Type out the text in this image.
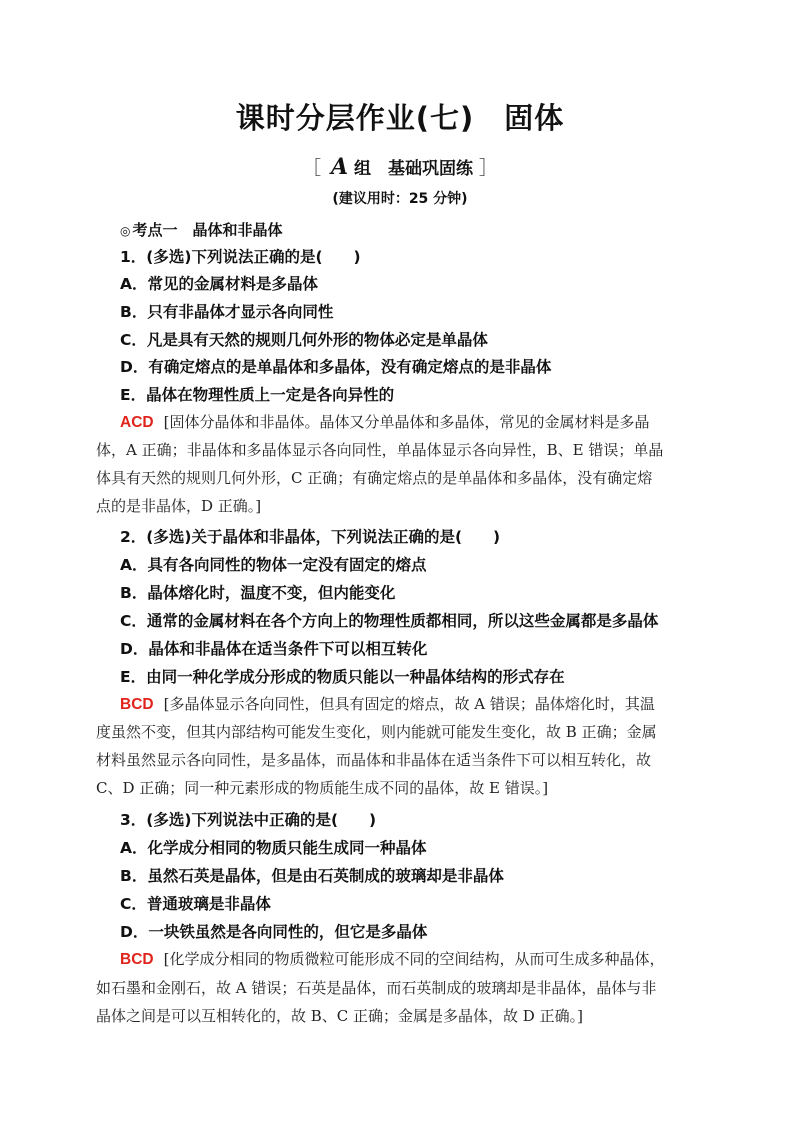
课时分层作业(七)　固体
［ A 组　基础巩固练 ］
(建议用时：25 分钟)
◎ 考点一　晶体和非晶体
1．(多选)下列说法正确的是(　　)
A．常见的金属材料是多晶体
B．只有非晶体才显示各向同性
C．凡是具有天然的规则几何外形的物体必定是单晶体
D．有确定熔点的是单晶体和多晶体，没有确定熔点的是非晶体
E．晶体在物理性质上一定是各向异性的
ACD [固体分晶体和非晶体。晶体又分单晶体和多晶体，常见的金属材料是多晶
体，A 正确；非晶体和多晶体显示各向同性，单晶体显示各向异性，B、E 错误；单晶
体具有天然的规则几何外形，C 正确；有确定熔点的是单晶体和多晶体，没有确定熔
点的是非晶体，D 正确。]
2．(多选)关于晶体和非晶体，下列说法正确的是(　　)
A．具有各向同性的物体一定没有固定的熔点
B．晶体熔化时，温度不变，但内能变化
C．通常的金属材料在各个方向上的物理性质都相同，所以这些金属都是多晶体
D．晶体和非晶体在适当条件下可以相互转化
E．由同一种化学成分形成的物质只能以一种晶体结构的形式存在
BCD [多晶体显示各向同性，但具有固定的熔点，故 A 错误；晶体熔化时，其温
度虽然不变，但其内部结构可能发生变化，则内能就可能发生变化，故 B 正确；金属
材料虽然显示各向同性，是多晶体，而晶体和非晶体在适当条件下可以相互转化，故
C、D 正确；同一种元素形成的物质能生成不同的晶体，故 E 错误。]
3．(多选)下列说法中正确的是(　　)
A．化学成分相同的物质只能生成同一种晶体
B．虽然石英是晶体，但是由石英制成的玻璃却是非晶体
C．普通玻璃是非晶体
D．一块铁虽然是各向同性的，但它是多晶体
BCD [化学成分相同的物质微粒可能形成不同的空间结构，从而可生成多种晶体，
如石墨和金刚石，故 A 错误；石英是晶体，而石英制成的玻璃却是非晶体，晶体与非
晶体之间是可以互相转化的，故 B、C 正确；金属是多晶体，故 D 正确。]
